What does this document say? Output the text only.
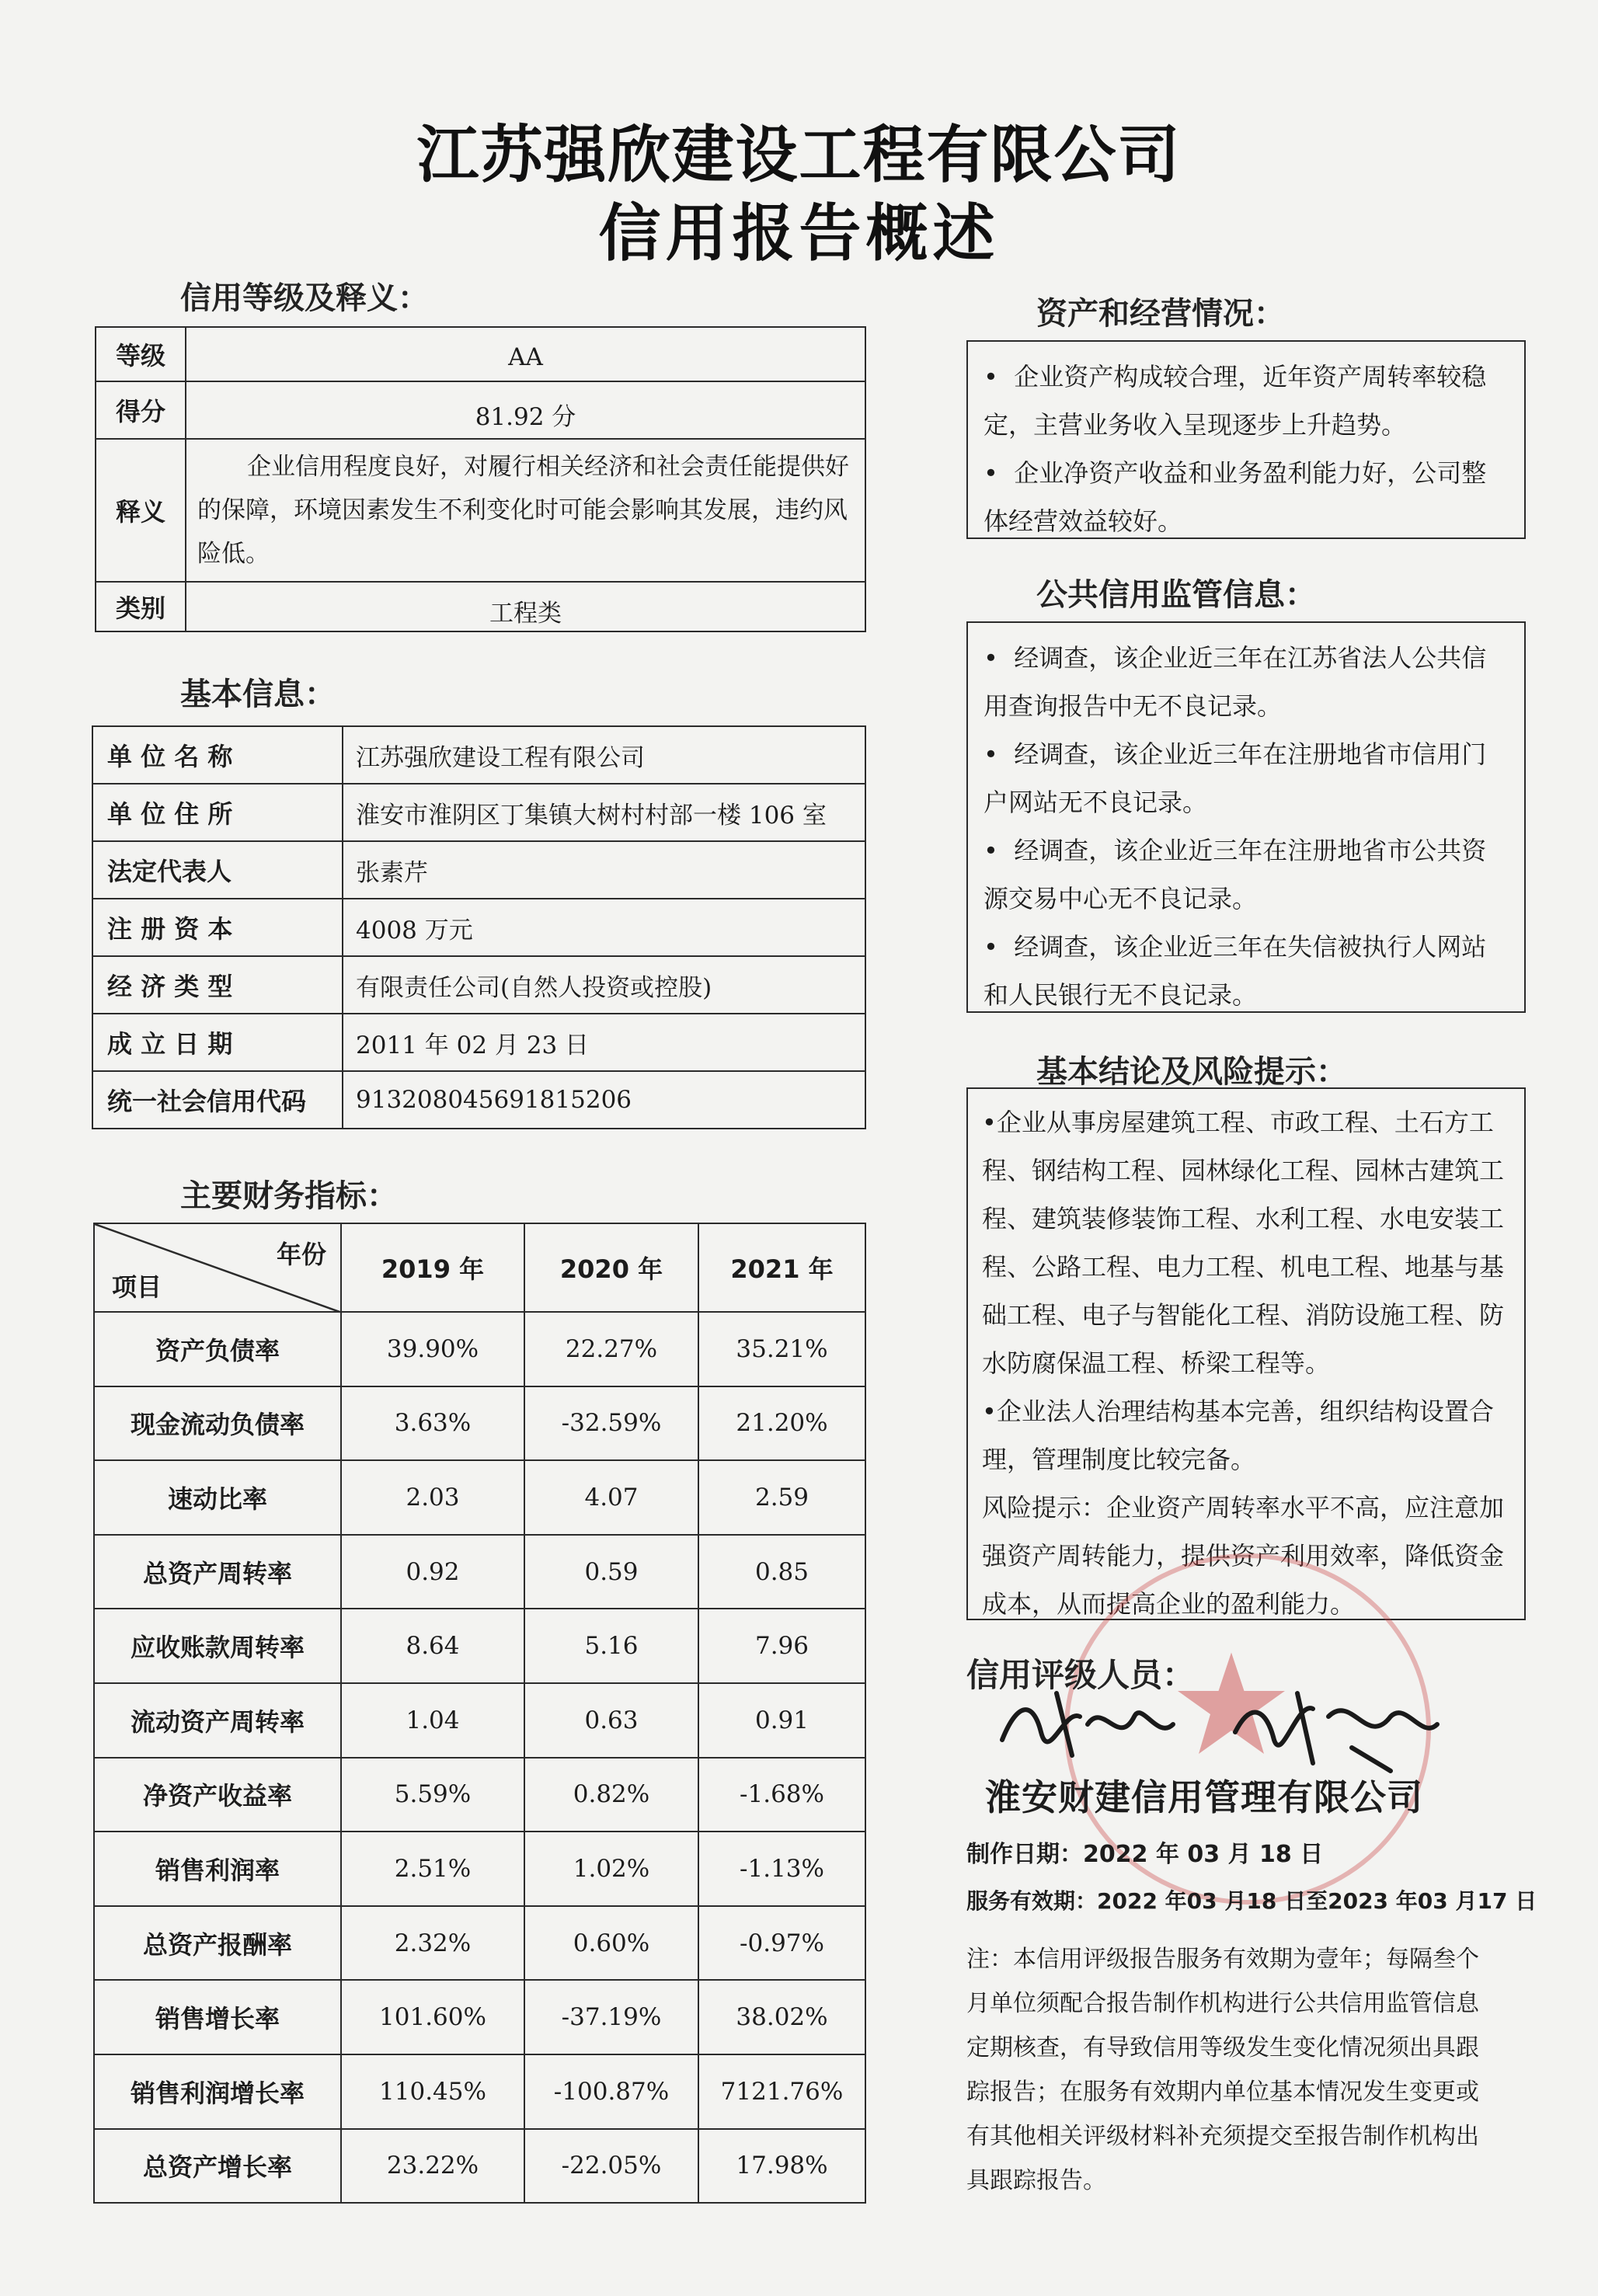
江苏强欣建设工程有限公司
信用报告概述
信用等级及释义：
等级	AA
得分	81.92 分
释义	企业信用程度良好，对履行相关经济和社会责任能提供好的保障，环境因素发生不利变化时可能会影响其发展，违约风险低。
类别	工程类
基本信息：
单 位 名 称	江苏强欣建设工程有限公司
单 位 住 所	淮安市淮阴区丁集镇大树村村部一楼 106 室
法定代表人	张素芹
注 册 资 本	4008 万元
经 济 类 型	有限责任公司(自然人投资或控股)
成 立 日 期	2011 年 02 月 23 日
统一社会信用代码	913208045691815206
主要财务指标：
年份
项目	2019 年	2020 年	2021 年
资产负债率	39.90%	22.27%	35.21%
现金流动负债率	3.63%	-32.59%	21.20%
速动比率	2.03	4.07	2.59
总资产周转率	0.92	0.59	0.85
应收账款周转率	8.64	5.16	7.96
流动资产周转率	1.04	0.63	0.91
净资产收益率	5.59%	0.82%	-1.68%
销售利润率	2.51%	1.02%	-1.13%
总资产报酬率	2.32%	0.60%	-0.97%
销售增长率	101.60%	-37.19%	38.02%
销售利润增长率	110.45%	-100.87%	7121.76%
总资产增长率	23.22%	-22.05%	17.98%
资产和经营情况：

•  企业资产构成较合理，近年资产周转率较稳定，主营业务收入呈现逐步上升趋势。

•  企业净资产收益和业务盈利能力好，公司整体经营效益较好。

公共信用监管信息：

•  经调查，该企业近三年在江苏省法人公共信用查询报告中无不良记录。

•  经调查，该企业近三年在注册地省市信用门户网站无不良记录。

•  经调查，该企业近三年在注册地省市公共资源交易中心无不良记录。

•  经调查，该企业近三年在失信被执行人网站和人民银行无不良记录。

基本结论及风险提示：

•企业从事房屋建筑工程、市政工程、土石方工程、钢结构工程、园林绿化工程、园林古建筑工程、建筑装修装饰工程、水利工程、水电安装工程、公路工程、电力工程、机电工程、地基与基础工程、电子与智能化工程、消防设施工程、防水防腐保温工程、桥梁工程等。

•企业法人治理结构基本完善，组织结构设置合理，管理制度比较完备。

风险提示：企业资产周转率水平不高，应注意加强资产周转能力，提供资产利用效率，降低资金成本，从而提高企业的盈利能力。

信用评级人员：
淮安财建信用管理有限公司
制作日期：2022 年 03 月 18 日
服务有效期：2022 年03 月18 日至2023 年03 月17 日
注：本信用评级报告服务有效期为壹年；每隔叁个月单位须配合报告制作机构进行公共信用监管信息定期核查，有导致信用等级发生变化情况须出具跟踪报告；在服务有效期内单位基本情况发生变更或有其他相关评级材料补充须提交至报告制作机构出具跟踪报告。
